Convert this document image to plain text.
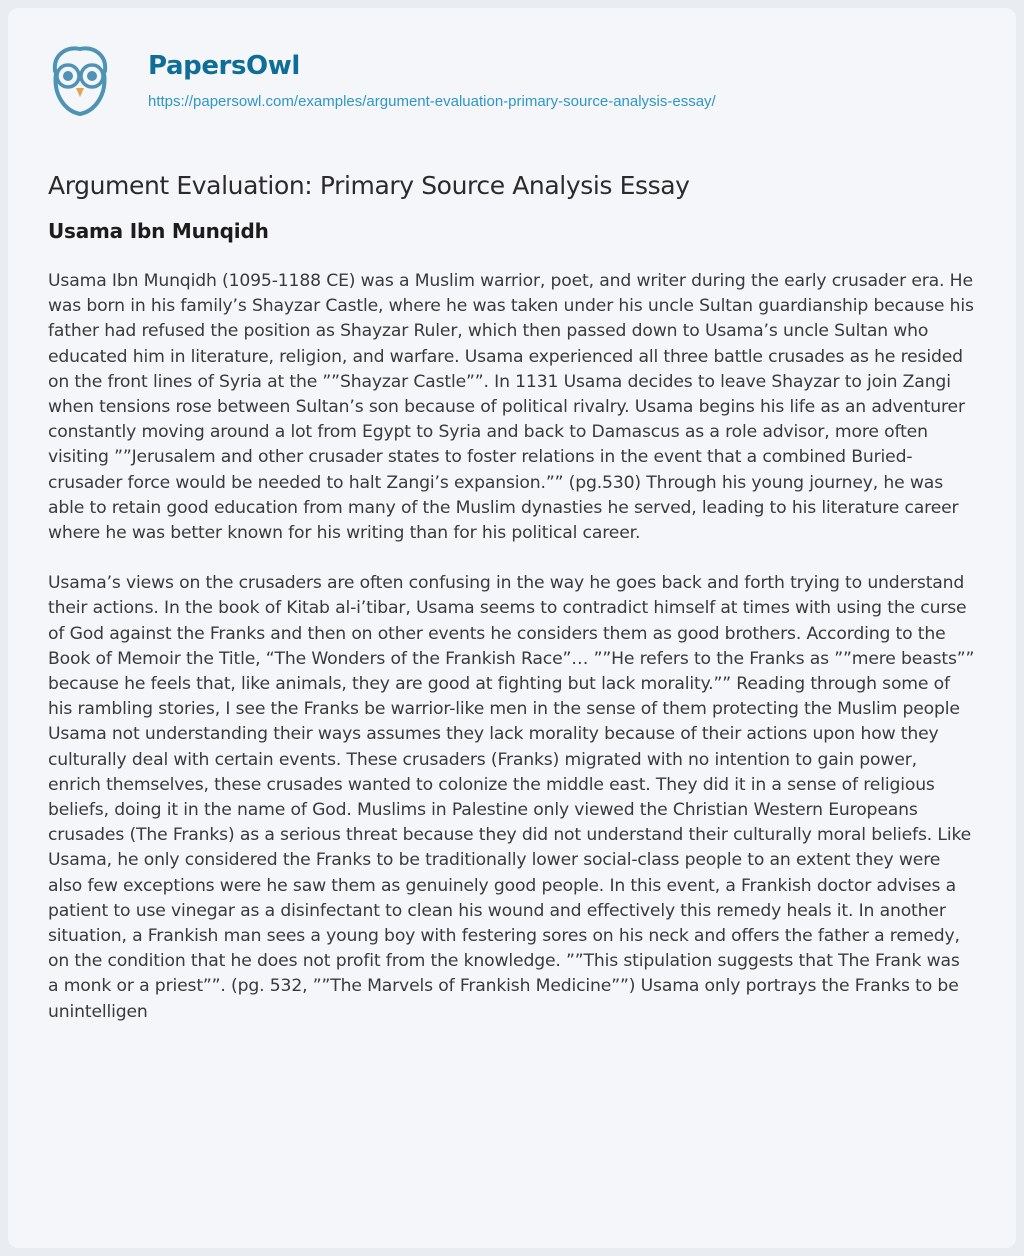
PapersOwl
https://papersowl.com/examples/argument-evaluation-primary-source-analysis-essay/
Argument Evaluation: Primary Source Analysis Essay
Usama Ibn Munqidh

Usama Ibn Munqidh (1095-1188 CE) was a Muslim warrior, poet, and writer during the early crusader era. He was born in his family’s Shayzar Castle, where he was taken under his uncle Sultan guardianship because his father had refused the position as Shayzar Ruler, which then passed down to Usama’s uncle Sultan who educated him in literature, religion, and warfare. Usama experienced all three battle crusades as he resided on the front lines of Syria at the ””Shayzar Castle””. In 1131 Usama decides to leave Shayzar to join Zangi when tensions rose between Sultan’s son because of political rivalry. Usama begins his life as an adventurer constantly moving around a lot from Egypt to Syria and back to Damascus as a role advisor, more often visiting ””Jerusalem and other crusader states to foster relations in the event that a combined Buried-crusader force would be needed to halt Zangi’s expansion.”” (pg.530) Through his young journey, he was able to retain good education from many of the Muslim dynasties he served, leading to his literature career where he was better known for his writing than for his political career.

Usama’s views on the crusaders are often confusing in the way he goes back and forth trying to understand their actions. In the book of Kitab al-i’tibar, Usama seems to contradict himself at times with using the curse of God against the Franks and then on other events he considers them as good brothers. According to the Book of Memoir the Title, “The Wonders of the Frankish Race”… ””He refers to the Franks as ””mere beasts”” because he feels that, like animals, they are good at fighting but lack morality.”” Reading through some of his rambling stories, I see the Franks be warrior-like men in the sense of them protecting the Muslim people Usama not understanding their ways assumes they lack morality because of their actions upon how they culturally deal with certain events. These crusaders (Franks) migrated with no intention to gain power, enrich themselves, these crusades wanted to colonize the middle east. They did it in a sense of religious beliefs, doing it in the name of God. Muslims in Palestine only viewed the Christian Western Europeans crusades (The Franks) as a serious threat because they did not understand their culturally moral beliefs. Like Usama, he only considered the Franks to be traditionally lower social-class people to an extent they were also few exceptions were he saw them as genuinely good people. In this event, a Frankish doctor advises a patient to use vinegar as a disinfectant to clean his wound and effectively this remedy heals it. In another situation, a Frankish man sees a young boy with festering sores on his neck and offers the father a remedy, on the condition that he does not profit from the knowledge. ””This stipulation suggests that The Frank was a monk or a priest””. (pg. 532, ””The Marvels of Frankish Medicine””) Usama only portrays the Franks to be unintelligen
